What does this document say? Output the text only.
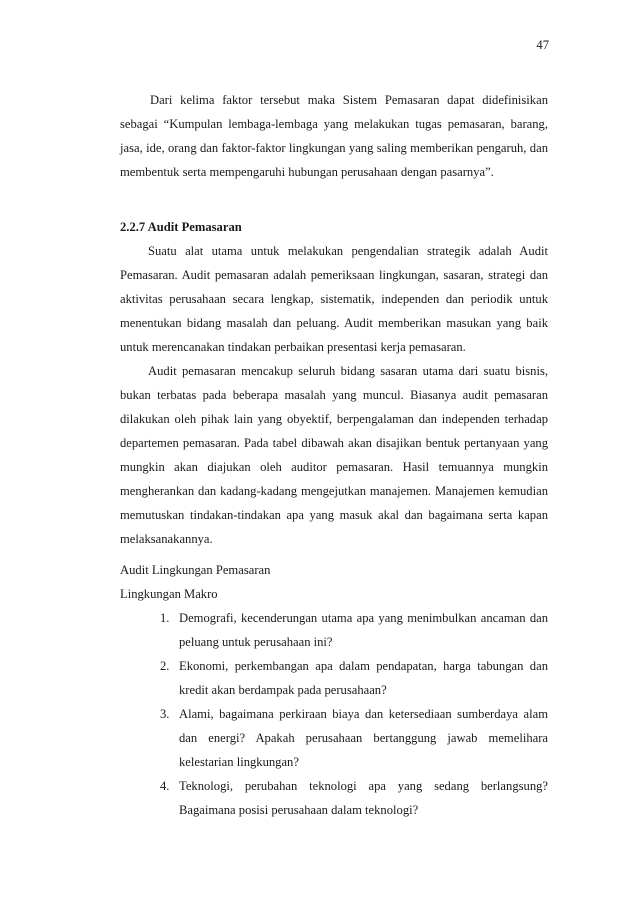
47

Dari kelima faktor tersebut maka Sistem Pemasaran dapat didefinisikan sebagai “Kumpulan lembaga-lembaga yang melakukan tugas pemasaran, barang, jasa, ide, orang dan faktor-faktor lingkungan yang saling memberikan pengaruh, dan membentuk serta mempengaruhi hubungan perusahaan dengan pasarnya”.

2.2.7 Audit Pemasaran

Suatu alat utama untuk melakukan pengendalian strategik adalah Audit Pemasaran. Audit pemasaran adalah pemeriksaan lingkungan, sasaran, strategi dan aktivitas perusahaan secara lengkap, sistematik, independen dan periodik untuk menentukan bidang masalah dan peluang. Audit memberikan masukan yang baik untuk merencanakan tindakan perbaikan presentasi kerja pemasaran.

Audit pemasaran mencakup seluruh bidang sasaran utama dari suatu bisnis, bukan terbatas pada beberapa masalah yang muncul. Biasanya audit pemasaran dilakukan oleh pihak lain yang obyektif, berpengalaman dan independen terhadap departemen pemasaran. Pada tabel dibawah akan disajikan bentuk pertanyaan yang mungkin akan diajukan oleh auditor pemasaran. Hasil temuannya mungkin mengherankan dan kadang-kadang mengejutkan manajemen. Manajemen kemudian memutuskan tindakan-tindakan apa yang masuk akal dan bagaimana serta kapan melaksanakannya.

Audit Lingkungan Pemasaran
Lingkungan Makro
1. Demografi, kecenderungan utama apa yang menimbulkan ancaman dan peluang untuk perusahaan ini?
2. Ekonomi, perkembangan apa dalam pendapatan, harga tabungan dan kredit akan berdampak pada perusahaan?
3. Alami, bagaimana perkiraan biaya dan ketersediaan sumberdaya alam dan energi? Apakah perusahaan bertanggung jawab memelihara kelestarian lingkungan?
4. Teknologi, perubahan teknologi apa yang sedang berlangsung? Bagaimana posisi perusahaan dalam teknologi?
